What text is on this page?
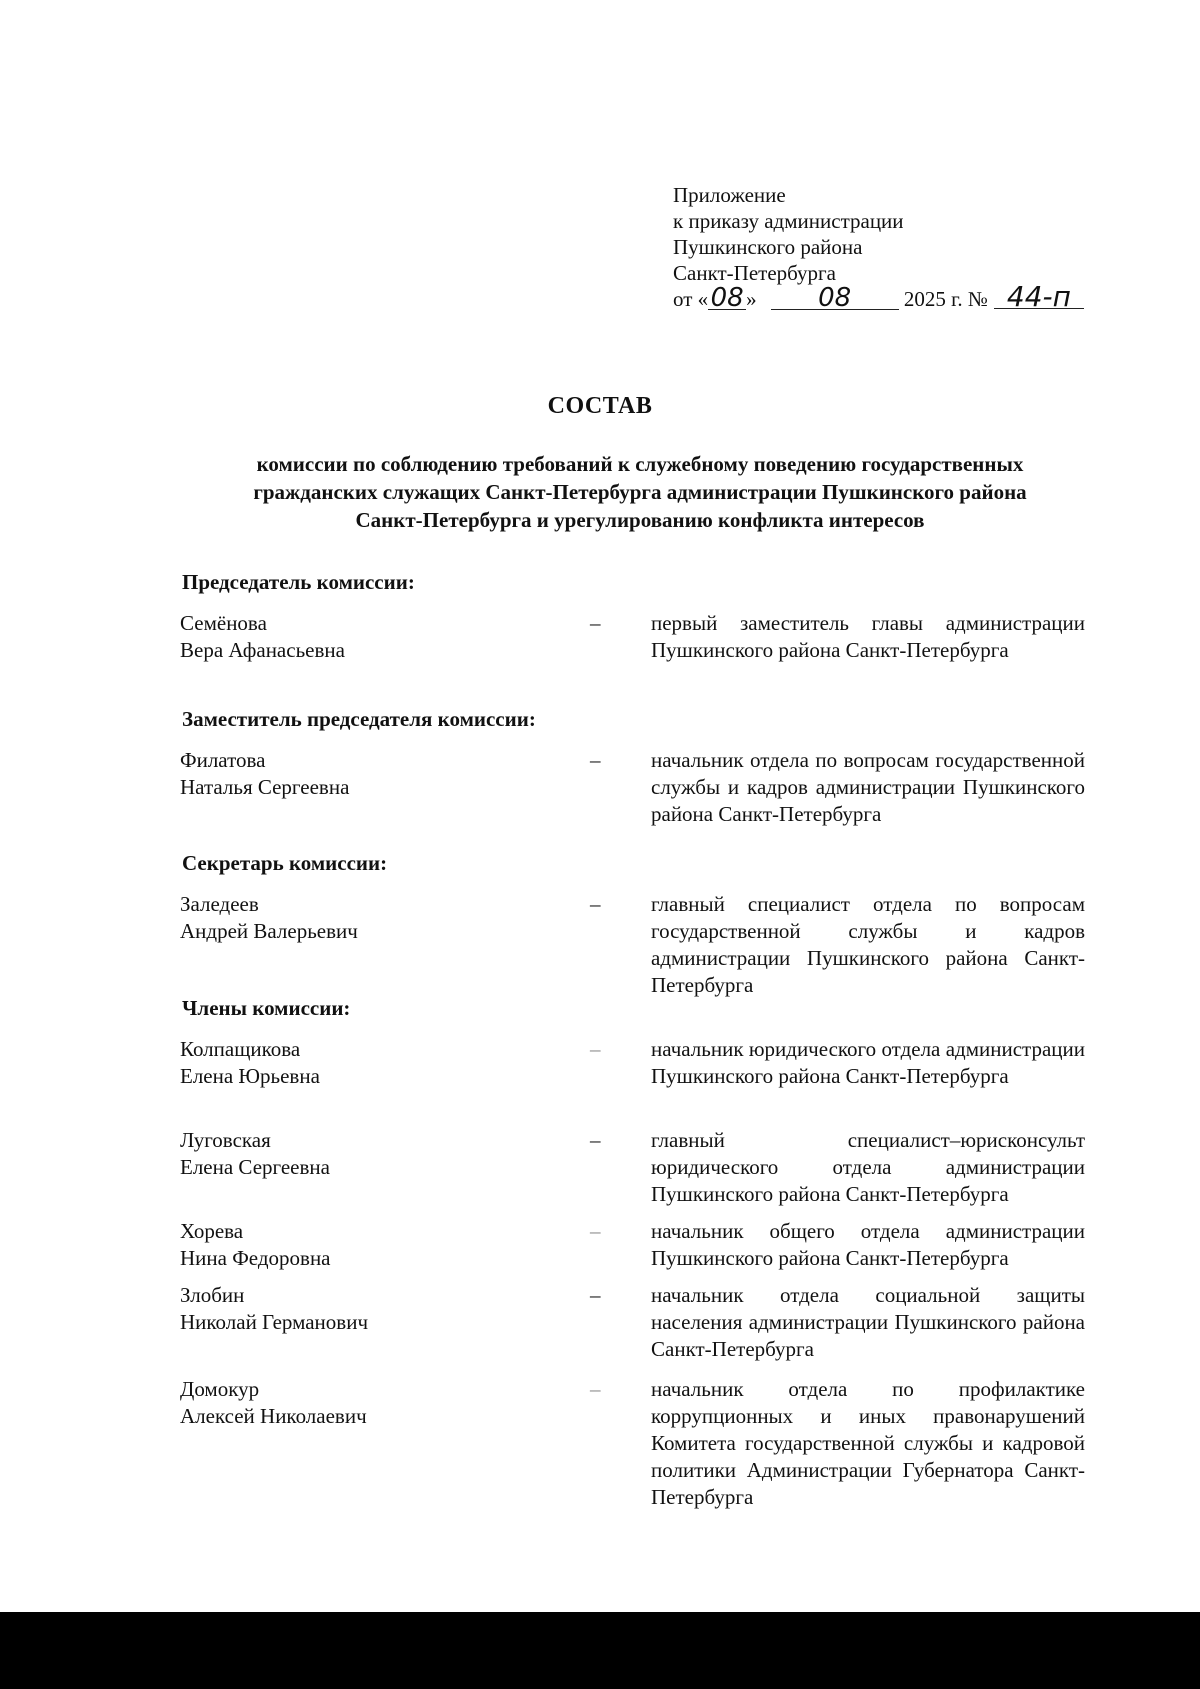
Приложение
к приказу администрации
Пушкинского района
Санкт-Петербурга
от «08 » 08	2025 г. № 44-п
СОСТАВ
комиссии по соблюдению требований к служебному поведению государственных
гражданских служащих Санкт-Петербурга администрации Пушкинского района
Санкт-Петербурга и урегулированию конфликта интересов
Председатель комиссии:
Семёнова
Вера Афанасьевна
– первый заместитель главы администрации Пушкинского района Санкт-Петербурга
Заместитель председателя комиссии:
Филатова
Наталья Сергеевна
– начальник отдела по вопросам государственной службы и кадров администрации Пушкинского района Санкт-Петербурга
Секретарь комиссии:
Заледеев
Андрей Валерьевич
– главный специалист отдела по вопросам государственной службы и кадров администрации Пушкинского района Санкт-Петербурга
Члены комиссии:
Колпащикова
Елена Юрьевна
– начальник юридического отдела администрации Пушкинского района Санкт-Петербурга
Луговская
Елена Сергеевна
– главный специалист–юрисконсульт юридического отдела администрации Пушкинского района Санкт-Петербурга
Хорева
Нина Федоровна
– начальник общего отдела администрации Пушкинского района Санкт-Петербурга
Злобин
Николай Германович
– начальник отдела социальной защиты населения администрации Пушкинского района Санкт-Петербурга
Домокур
Алексей Николаевич
– начальник отдела по профилактике коррупционных и иных правонарушений Комитета государственной службы и кадровой политики Администрации Губернатора Санкт-Петербурга
